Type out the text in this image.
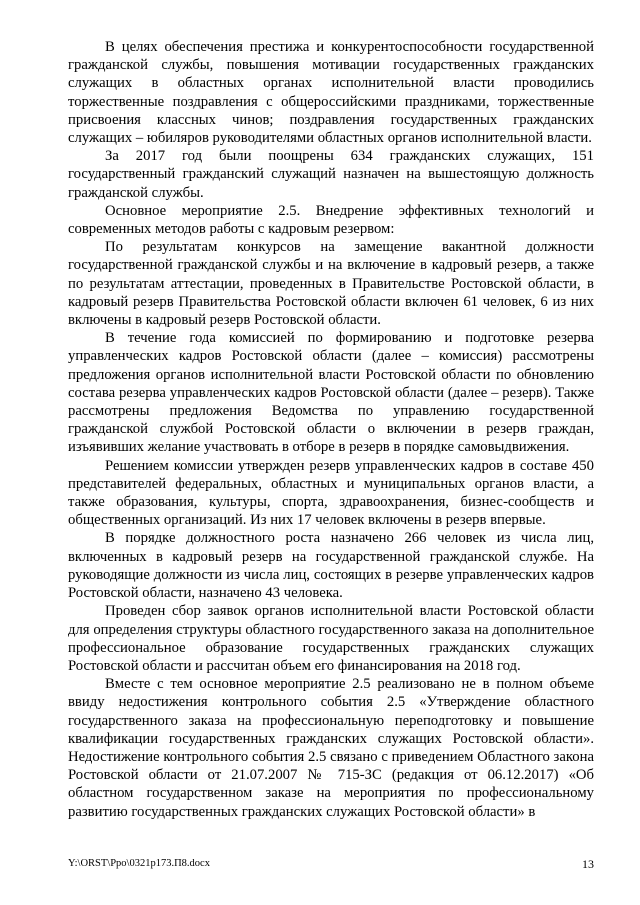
В целях обеспечения престижа и конкурентоспособности государственной гражданской службы, повышения мотивации государственных гражданских служащих в областных органах исполнительной власти проводились торжественные поздравления с общероссийскими праздниками, торжественные присвоения классных чинов; поздравления государственных гражданских служащих – юбиляров руководителями областных органов исполнительной власти.

За 2017 год были поощрены 634 гражданских служащих, 151 государственный гражданский служащий назначен на вышестоящую должность гражданской службы.

Основное мероприятие 2.5. Внедрение эффективных технологий и современных методов работы с кадровым резервом:

По результатам конкурсов на замещение вакантной должности государственной гражданской службы и на включение в кадровый резерв, а также по результатам аттестации, проведенных в Правительстве Ростовской области, в кадровый резерв Правительства Ростовской области включен 61 человек, 6 из них включены в кадровый резерв Ростовской области.

В течение года комиссией по формированию и подготовке резерва управленческих кадров Ростовской области (далее – комиссия) рассмотрены предложения органов исполнительной власти Ростовской области по обновлению состава резерва управленческих кадров Ростовской области (далее – резерв). Также рассмотрены предложения Ведомства по управлению государственной гражданской службой Ростовской области о включении в резерв граждан, изъявивших желание участвовать в отборе в резерв в порядке самовыдвижения.

Решением комиссии утвержден резерв управленческих кадров в составе 450 представителей федеральных, областных и муниципальных органов власти, а также образования, культуры, спорта, здравоохранения, бизнес-сообществ и общественных организаций. Из них 17 человек включены в резерв впервые.

В порядке должностного роста назначено 266 человек из числа лиц, включенных в кадровый резерв на государственной гражданской службе. На руководящие должности из числа лиц, состоящих в резерве управленческих кадров Ростовской области, назначено 43 человека.

Проведен сбор заявок органов исполнительной власти Ростовской области для определения структуры областного государственного заказа на дополнительное профессиональное образование государственных гражданских служащих Ростовской области и рассчитан объем его финансирования на 2018 год.

Вместе с тем основное мероприятие 2.5 реализовано не в полном объеме ввиду недостижения контрольного события 2.5 «Утверждение областного государственного заказа на профессиональную переподготовку и повышение квалификации государственных гражданских служащих Ростовской области». Недостижение контрольного события 2.5 связано с приведением Областного закона Ростовской области от 21.07.2007 № 715-ЗС (редакция от 06.12.2017) «Об областном государственном заказе на мероприятия по профессиональному развитию государственных гражданских служащих Ростовской области» в

Y:\ORST\Ppo\0321p173.П8.docx	13
